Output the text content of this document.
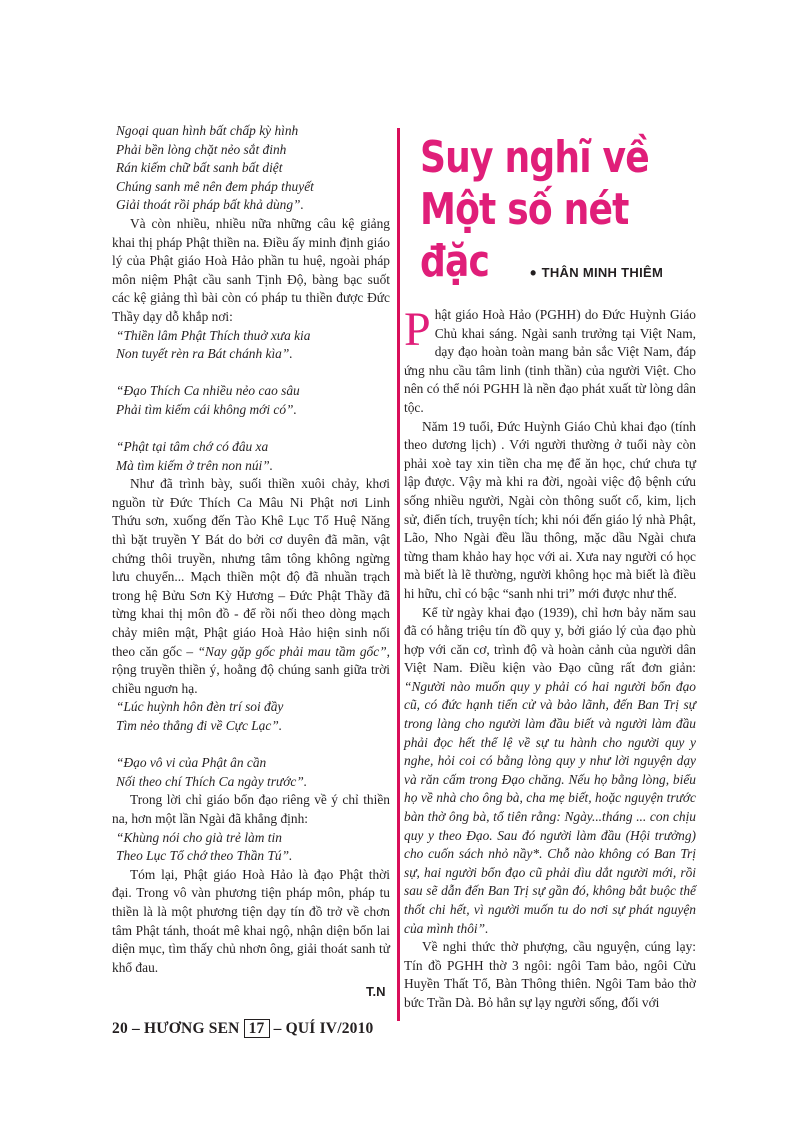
Ngoại quan hình bất chấp kỳ hình

Phải bền lòng chặt nẻo sắt đinh

Rán kiếm chữ bất sanh bất diệt

Chúng sanh mê nên đem pháp thuyết

Giải thoát rồi pháp bất khả dùng”.

Và còn nhiều, nhiều nữa những câu kệ giảng khai thị pháp Phật thiền na. Điều ấy minh định giáo lý của Phật giáo Hoà Hảo phần tu huệ, ngoài pháp môn niệm Phật cầu sanh Tịnh Độ, bàng bạc suốt các kệ giảng thì bài còn có pháp tu thiền được Đức Thầy dạy dỗ khắp nơi:

“Thiền lâm Phật Thích thuở xưa kia

Non tuyết rèn ra Bát chánh kìa”.

“Đạo Thích Ca nhiều nẻo cao sâu

Phải tìm kiếm cái không mới có”.

“Phật tại tâm chớ có đâu xa

Mà tìm kiếm ở trên non núi”.

Như đã trình bày, suối thiền xuôi chảy, khơi nguồn từ Đức Thích Ca Mâu Ni Phật nơi Linh Thứu sơn, xuống đến Tào Khê Lục Tổ Huệ Năng thì bặt truyền Y Bát do bởi cơ duyên đã mãn, vật chứng thôi truyền, nhưng tâm tông không ngừng lưu chuyển... Mạch thiền một độ đã nhuần trạch trong hệ Bửu Sơn Kỳ Hương – Đức Phật Thầy đã từng khai thị môn đồ - để rồi nối theo dòng mạch chảy miên mật, Phật giáo Hoà Hảo hiện sinh nối theo căn gốc – “Nay gặp gốc phải mau tầm gốc”, rộng truyền thiền ý, hoằng độ chúng sanh giữa trời chiều nguơn hạ.

“Lúc huỳnh hôn đèn trí soi đầy

Tìm nẻo thẳng đi về Cực Lạc”.

“Đạo vô vi của Phật ân cần

Nối theo chí Thích Ca ngày trước”.

Trong lời chỉ giáo bổn đạo riêng về ý chỉ thiền na, hơn một lần Ngài đã khẳng định:

“Khùng nói cho già trẻ làm tin

Theo Lục Tổ chớ theo Thần Tú”.

Tóm lại, Phật giáo Hoà Hảo là đạo Phật thời đại. Trong vô vàn phương tiện pháp môn, pháp tu thiền là là một phương tiện dạy tín đồ trở về chơn tâm Phật tánh, thoát mê khai ngộ, nhận diện bổn lai diện mục, tìm thấy chủ nhơn ông, giải thoát sanh tử khổ đau.

T.N
Suy nghĩ về
Một số nét đặc	• THÂN MINH THIÊM

Phật giáo Hoà Hảo (PGHH) do Đức Huỳnh Giáo Chủ khai sáng. Ngài sanh trưởng tại Việt Nam, dạy đạo hoàn toàn mang bản sắc Việt Nam, đáp ứng nhu cầu tâm linh (tinh thần) của người Việt. Cho nên có thể nói PGHH là nền đạo phát xuất từ lòng dân tộc.

Năm 19 tuổi, Đức Huỳnh Giáo Chủ khai đạo (tính theo dương lịch) . Với người thường ở tuổi này còn phải xoè tay xin tiền cha mẹ để ăn học, chứ chưa tự lập được. Vậy mà khi ra đời, ngoài việc độ bệnh cứu sống nhiều người, Ngài còn thông suốt cổ, kim, lịch sử, điển tích, truyện tích; khi nói đến giáo lý nhà Phật, Lão, Nho Ngài đều lầu thông, mặc dầu Ngài chưa từng tham khảo hay học với ai. Xưa nay người có học mà biết là lẽ thường, người không học mà biết là điều hi hữu, chỉ có bậc “sanh nhi tri” mới được như thế.

Kể từ ngày khai đạo (1939), chỉ hơn bảy năm sau đã có hằng triệu tín đồ quy y, bởi giáo lý của đạo phù hợp với căn cơ, trình độ và hoàn cảnh của người dân Việt Nam. Điều kiện vào Đạo cũng rất đơn giản: “Người nào muốn quy y phải có hai người bổn đạo cũ, có đức hạnh tiến cử và bảo lãnh, đến Ban Trị sự trong làng cho người làm đầu biết và người làm đầu phải đọc hết thể lệ về sự tu hành cho người quy y nghe, hỏi coi có bằng lòng quy y như lời nguyện dạy và răn cấm trong Đạo chăng. Nếu họ bằng lòng, biểu họ về nhà cho ông bà, cha mẹ biết, hoặc nguyện trước bàn thờ ông bà, tổ tiên rằng: Ngày...tháng ... con chịu quy y theo Đạo. Sau đó người làm đầu (Hội trưởng) cho cuốn sách nhỏ nầy*. Chỗ nào không có Ban Trị sự, hai người bổn đạo cũ phải dìu dắt người mới, rồi sau sẽ dẫn đến Ban Trị sự gần đó, không bắt buộc thể thốt chi hết, vì người muốn tu do nơi sự phát nguyện của mình thôi”.

Về nghi thức thờ phượng, cầu nguyện, cúng lạy: Tín đồ PGHH thờ 3 ngôi: ngôi Tam bảo, ngôi Cửu Huyền Thất Tổ, Bàn Thông thiên. Ngôi Tam bảo thờ bức Trần Dà. Bỏ hẳn sự lạy người sống, đối với

20 – HƯƠNG SEN 17 – QUÍ IV/2010
